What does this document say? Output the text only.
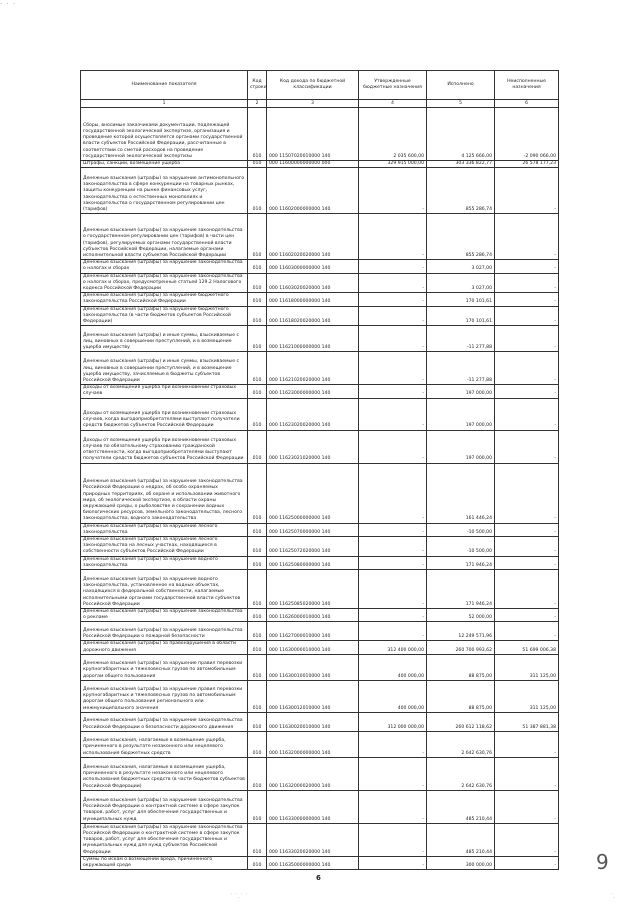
· · ·
Наименование показателя	Код строки	Код дохода по бюджетной классификации	Утвержденные бюджетные назначения	Исполнено	Неисполненные назначения
1	2	3	4	5	6
Сборы, вносимые заказчиками документации, подлежащей государственной экологической экспертизе, организация и проведение которой осуществляется органами государственной власти субъектов Российской Федерации, рассчитанные в соответствии со сметой расходов на проведение государственной экологической экспертизы	010	000 11507020010000 140	2 035 600,00	4 125 666,00	-2 090 066,00
Штрафы, санкции, возмещение ущерба	010	000 11600000000000 000	329 915 000,00	303 336 822,77	26 578 177,23
Денежные взыскания (штрафы) за нарушение антимонопольного законодательства в сфере конкуренции на товарных рынках, защиты конкуренции на рынке финансовых услуг, законодательства о естественных монополиях и законодательства о государственном регулировании цен (тарифов)	010	000 11602000000000 140	-	855 286,74	-
Денежные взыскания (штрафы) за нарушение законодательства о государственном регулировании цен (тарифов) в части цен (тарифов), регулируемых органами государственной власти субъектов Российской Федерации, налагаемые органами исполнительной власти субъектов Российской Федерации	010	000 11602020020000 140	-	855 286,74	-
Денежные взыскания (штрафы) за нарушение законодательства о налогах и сборах	010	000 11603000000000 140	-	3 027,00	-
Денежные взыскания (штрафы) за нарушение законодательства о налогах и сборах, предусмотренные статьей 129.2 Налогового кодекса Российской Федерации	010	000 11603020020000 140	-	3 027,00	-
Денежные взыскания (штрафы) за нарушение бюджетного законодательства Российской Федерации	010	000 11618000000000 140	-	170 101,61	-
Денежные взыскания (штрафы) за нарушение бюджетного законодательства (в части бюджетов субъектов Российской Федерации)	010	000 11618020020000 140	-	170 101,61	-
Денежные взыскания (штрафы) и иные суммы, взыскиваемые с лиц, виновных в совершении преступлений, и в возмещение ущерба имуществу	010	000 11621000000000 140	-	-11 277,88	-
Денежные взыскания (штрафы) и иные суммы, взыскиваемые с лиц, виновных в совершении преступлений, и в возмещение ущерба имуществу, зачисляемые в бюджеты субъектов Российской Федерации	010	000 11621020020000 140	-	-11 277,88	-
Доходы от возмещения ущерба при возникновении страховых случаев	010	000 11623000000000 140	-	197 000,00	-
Доходы от возмещения ущерба при возникновении страховых случаев, когда выгодоприобретателями выступают получатели средств бюджетов субъектов Российской Федерации	010	000 11623020020000 140	-	197 000,00	-
Доходы от возмещения ущерба при возникновении страховых случаев по обязательному страхованию гражданской ответственности, когда выгодоприобретателями выступают получатели средств бюджетов субъектов Российской Федерации	010	000 11623021020000 140	-	197 000,00	-
Денежные взыскания (штрафы) за нарушение законодательства Российской Федерации о недрах, об особо охраняемых природных территориях, об охране и использовании животного мира, об экологической экспертизе, в области охраны окружающей среды, о рыболовстве и сохранении водных биологических ресурсов, земельного законодательства, лесного законодательства, водного законодательства	010	000 11625000000000 140	-	161 446,24	-
Денежные взыскания (штрафы) за нарушение лесного законодательства	010	000 11625070000000 140	-	-10 500,00	-
Денежные взыскания (штрафы) за нарушение лесного законодательства на лесных участках, находящихся в собственности субъектов Российской Федерации	010	000 11625072020000 140	-	-10 500,00	-
Денежные взыскания (штрафы) за нарушение водного законодательства	010	000 11625080000000 140	-	171 946,24	-
Денежные взыскания (штрафы) за нарушение водного законодательства, установленное на водных объектах, находящихся в федеральной собственности, налагаемые исполнительными органами государственной власти субъектов Российской Федерации	010	000 11625085020000 140	-	171 946,24	-
Денежные взыскания (штрафы) за нарушение законодательства о рекламе	010	000 11626000010000 140	-	52 000,00	-
Денежные взыскания (штрафы) за нарушение законодательства Российской Федерации о пожарной безопасности	010	000 11627000010000 140	-	12 249 571,96	-
Денежные взыскания (штрафы) за правонарушения в области дорожного движения	010	000 11630000010000 140	312 400 000,00	260 700 993,62	51 699 006,38
Денежные взыскания (штрафы) за нарушение правил перевозки крупногабаритных и тяжеловесных грузов по автомобильным дорогам общего пользования	010	000 11630010010000 140	400 000,00	88 875,00	311 125,00
Денежные взыскания (штрафы) за нарушение правил перевозки крупногабаритных и тяжеловесных грузов по автомобильным дорогам общего пользования регионального или межмуниципального значения	010	000 11630012010000 140	400 000,00	88 875,00	311 125,00
Денежные взыскания (штрафы) за нарушение законодательства Российской Федерации о безопасности дорожного движения	010	000 11630020010000 140	312 000 000,00	260 612 118,62	51 387 881,38
Денежные взыскания, налагаемые в возмещение ущерба, причиненного в результате незаконного или нецелевого использования бюджетных средств	010	000 11632000000000 140	-	2 642 630,76	-
Денежные взыскания, налагаемые в возмещение ущерба, причиненного в результате незаконного или нецелевого использования бюджетных средств (в части бюджетов субъектов Российской Федерации)	010	000 11632000020000 140	-	2 642 630,76	-
Денежные взыскания (штрафы) за нарушение законодательства Российской Федерации о контрактной системе в сфере закупок товаров, работ, услуг для обеспечения государственных и муниципальных нужд	010	000 11633000000000 140	-	485 210,44	-
Денежные взыскания (штрафы) за нарушение законодательства Российской Федерации о контрактной системе в сфере закупок товаров, работ, услуг для обеспечения государственных и муниципальных нужд для нужд субъектов Российской Федерации	010	000 11633020020000 140	-	485 210,44	-
Суммы по искам о возмещении вреда, причиненного окружающей среде	010	000 11635000000000 140	-	300 000,00	-
6
9
˙ ˙.˙ ˙	˙.
